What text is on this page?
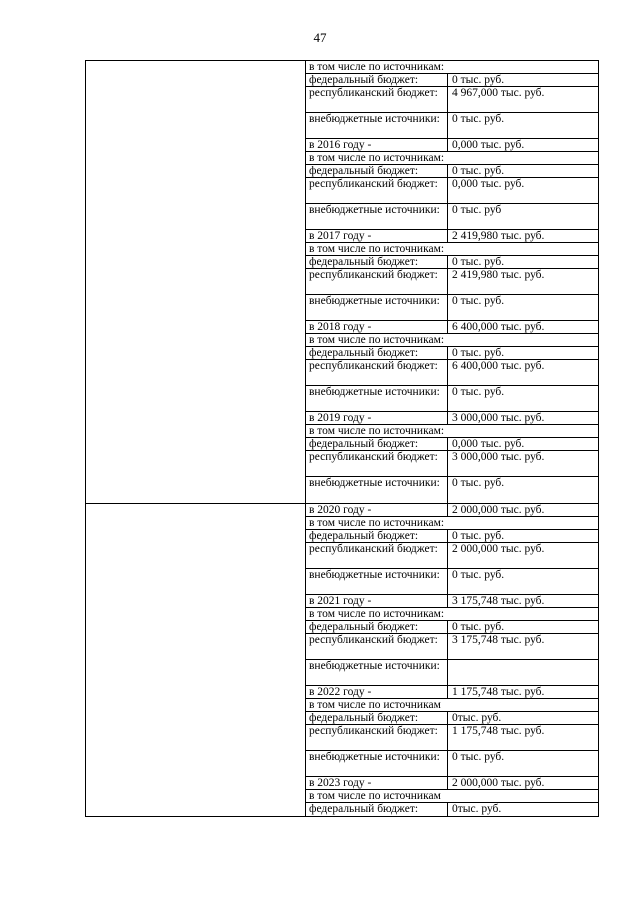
47
в том числе по источникам:
федеральный бюджет:	0 тыс. руб.
республиканский бюджет:	4 967,000 тыс. руб.
внебюджетные источники:	0 тыс. руб.
в 2016 году -	0,000 тыс. руб.
в том числе по источникам:
федеральный бюджет:	0 тыс. руб.
республиканский бюджет:	0,000 тыс. руб.
внебюджетные источники:	0 тыс. руб
в 2017 году -	2 419,980 тыс. руб.
в том числе по источникам:
федеральный бюджет:	0 тыс. руб.
республиканский бюджет:	2 419,980 тыс. руб.
внебюджетные источники:	0 тыс. руб.
в 2018 году -	6 400,000 тыс. руб.
в том числе по источникам:
федеральный бюджет:	0 тыс. руб.
республиканский бюджет:	6 400,000 тыс. руб.
внебюджетные источники:	0 тыс. руб.
в 2019 году -	3 000,000 тыс. руб.
в том числе по источникам:
федеральный бюджет:	0,000 тыс. руб.
республиканский бюджет:	3 000,000 тыс. руб.
внебюджетные источники:	0 тыс. руб.
в 2020 году -	2 000,000 тыс. руб.
в том числе по источникам:
федеральный бюджет:	0 тыс. руб.
республиканский бюджет:	2 000,000 тыс. руб.
внебюджетные источники:	0 тыс. руб.
в 2021 году -	3 175,748 тыс. руб.
в том числе по источникам:
федеральный бюджет:	0 тыс. руб.
республиканский бюджет:	3 175,748 тыс. руб.
внебюджетные источники:
в 2022 году -	1 175,748 тыс. руб.
в том числе по источникам
федеральный бюджет:	0тыс. руб.
республиканский бюджет:	1 175,748 тыс. руб.
внебюджетные источники:	0 тыс. руб.
в 2023 году -	2 000,000 тыс. руб.
в том числе по источникам
федеральный бюджет:	0тыс. руб.
